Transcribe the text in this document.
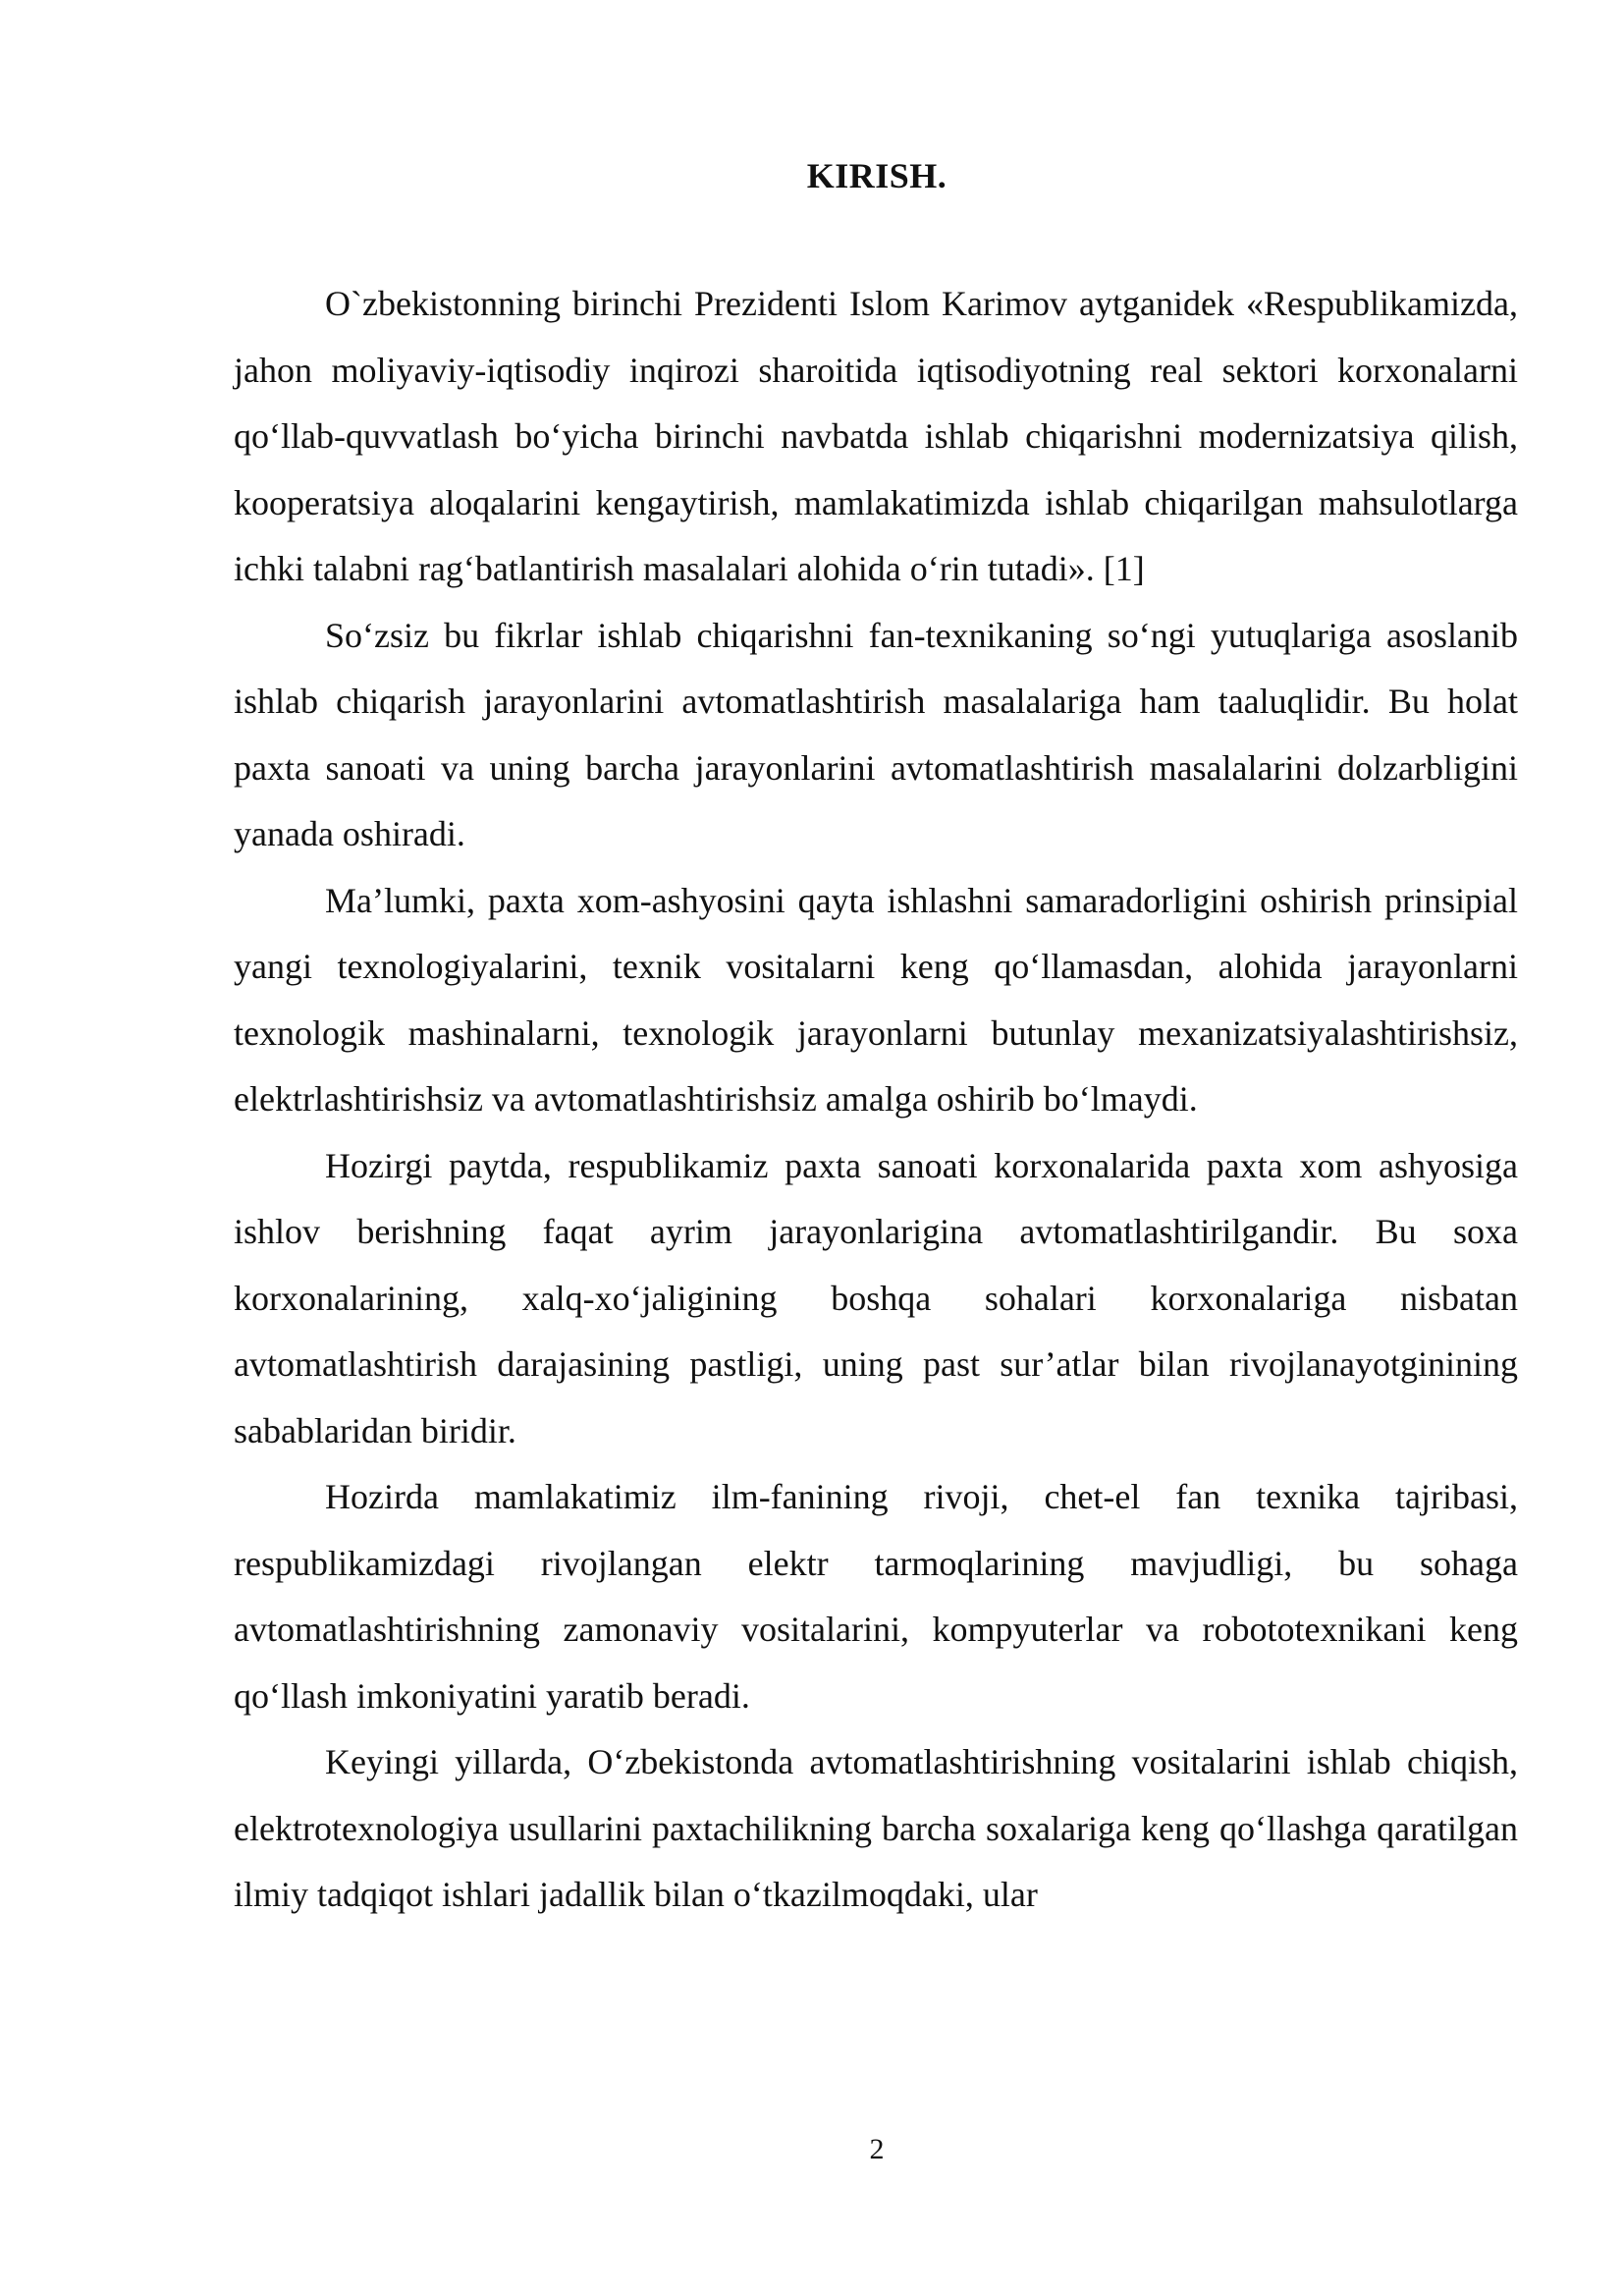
KIRISH.

O`zbekistonning birinchi Prezidenti Islom Karimov aytganidek «Respublikamizda, jahon moliyaviy-iqtisodiy inqirozi sharoitida iqtisodiyotning real sektori korxonalarni qo‘llab-quvvatlash bo‘yicha birinchi navbatda ishlab chiqarishni modernizatsiya qilish, kooperatsiya aloqalarini kengaytirish, mamlakatimizda ishlab chiqarilgan mahsulotlarga ichki talabni rag‘batlantirish masalalari alohida o‘rin tutadi». [1]

So‘zsiz bu fikrlar ishlab chiqarishni fan-texnikaning so‘ngi yutuqlariga asoslanib ishlab chiqarish jarayonlarini avtomatlashtirish masalalariga ham taaluqlidir. Bu holat paxta sanoati va uning barcha jarayonlarini avtomatlashtirish masalalarini dolzarbligini yanada oshiradi.

Ma’lumki, paxta xom-ashyosini qayta ishlashni samaradorligini oshirish prinsipial yangi texnologiyalarini, texnik vositalarni keng qo‘llamasdan, alohida jarayonlarni texnologik mashinalarni, texnologik jarayonlarni butunlay mexanizatsiyalashtirishsiz, elektrlashtirishsiz va avtomatlashtirishsiz amalga oshirib bo‘lmaydi.

Hozirgi paytda, respublikamiz paxta sanoati korxonalarida paxta xom ashyosiga ishlov berishning faqat ayrim jarayonlarigina avtomatlashtirilgandir. Bu soxa korxonalarining, xalq-xo‘jaligining boshqa sohalari korxonalariga nisbatan avtomatlashtirish darajasining pastligi, uning past sur’atlar bilan rivojlanayotginining sabablaridan biridir.

Hozirda mamlakatimiz ilm-fanining rivoji, chet-el fan texnika tajribasi, respublikamizdagi rivojlangan elektr tarmoqlarining mavjudligi, bu sohaga avtomatlashtirishning zamonaviy vositalarini, kompyuterlar va robototexnikani keng qo‘llash imkoniyatini yaratib beradi.

Keyingi yillarda, O‘zbekistonda avtomatlashtirishning vositalarini ishlab chiqish, elektrotexnologiya usullarini paxtachilikning barcha soxalariga keng qo‘llashga qaratilgan ilmiy tadqiqot ishlari jadallik bilan o‘tkazilmoqdaki, ular

2
